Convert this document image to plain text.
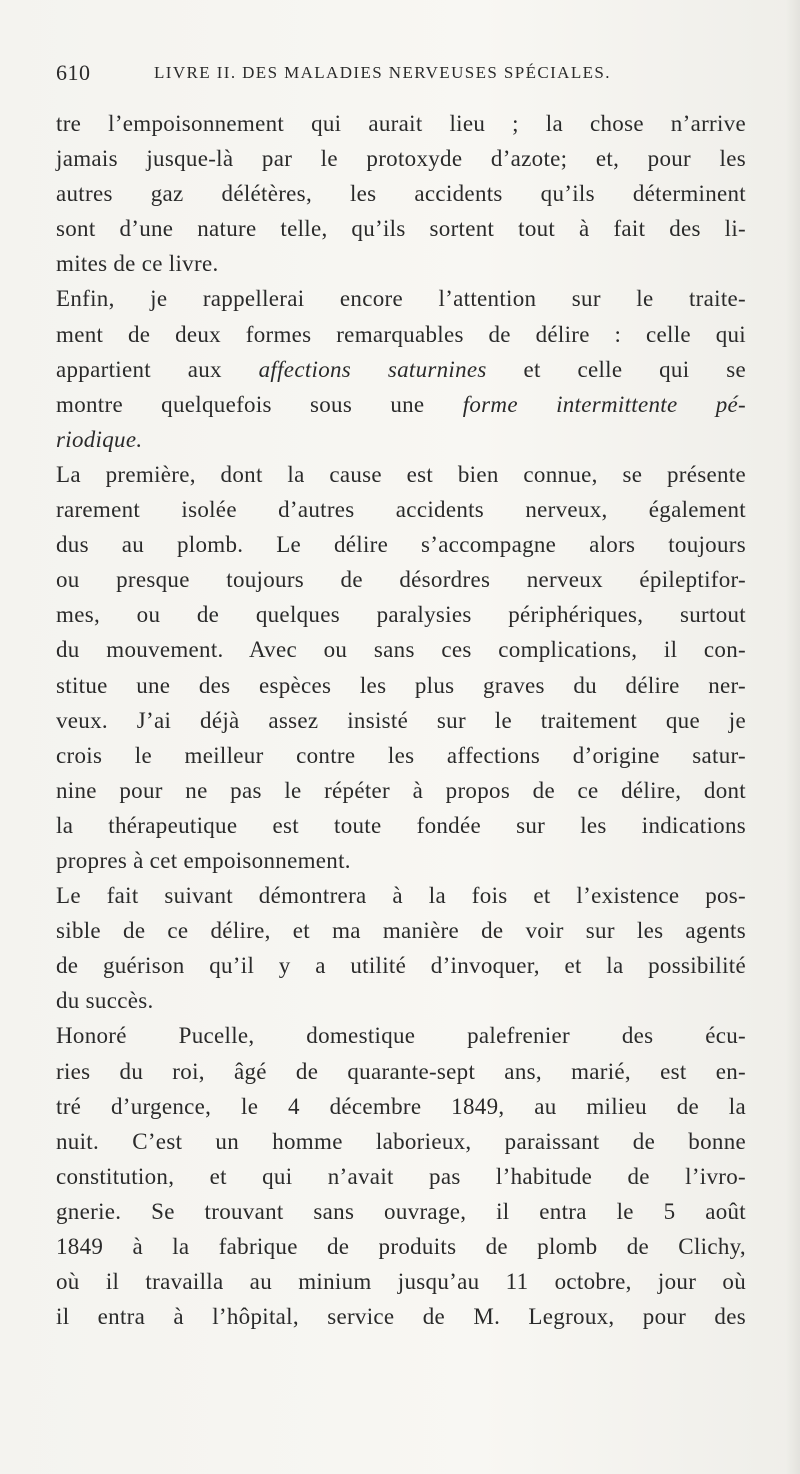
610	LIVRE II. DES MALADIES NERVEUSES SPÉCIALES.
tre l’empoisonnement qui aurait lieu ; la chose n’arrive
jamais jusque-là par le protoxyde d’azote; et, pour les
autres gaz délétères, les accidents qu’ils déterminent
sont d’une nature telle, qu’ils sortent tout à fait des li-
mites de ce livre.
Enfin, je rappellerai encore l’attention sur le traite-
ment de deux formes remarquables de délire : celle qui
appartient aux affections saturnines et celle qui se
montre quelquefois sous une forme intermittente pé-
riodique.
La première, dont la cause est bien connue, se présente
rarement isolée d’autres accidents nerveux, également
dus au plomb. Le délire s’accompagne alors toujours
ou presque toujours de désordres nerveux épileptifor-
mes, ou de quelques paralysies périphériques, surtout
du mouvement. Avec ou sans ces complications, il con-
stitue une des espèces les plus graves du délire ner-
veux. J’ai déjà assez insisté sur le traitement que je
crois le meilleur contre les affections d’origine satur-
nine pour ne pas le répéter à propos de ce délire, dont
la thérapeutique est toute fondée sur les indications
propres à cet empoisonnement.
Le fait suivant démontrera à la fois et l’existence pos-
sible de ce délire, et ma manière de voir sur les agents
de guérison qu’il y a utilité d’invoquer, et la possibilité
du succès.
Honoré Pucelle, domestique palefrenier des écu-
ries du roi, âgé de quarante-sept ans, marié, est en-
tré d’urgence, le 4 décembre 1849, au milieu de la
nuit. C’est un homme laborieux, paraissant de bonne
constitution, et qui n’avait pas l’habitude de l’ivro-
gnerie. Se trouvant sans ouvrage, il entra le 5 août
1849 à la fabrique de produits de plomb de Clichy,
où il travailla au minium jusqu’au 11 octobre, jour où
il entra à l’hôpital, service de M. Legroux, pour des
